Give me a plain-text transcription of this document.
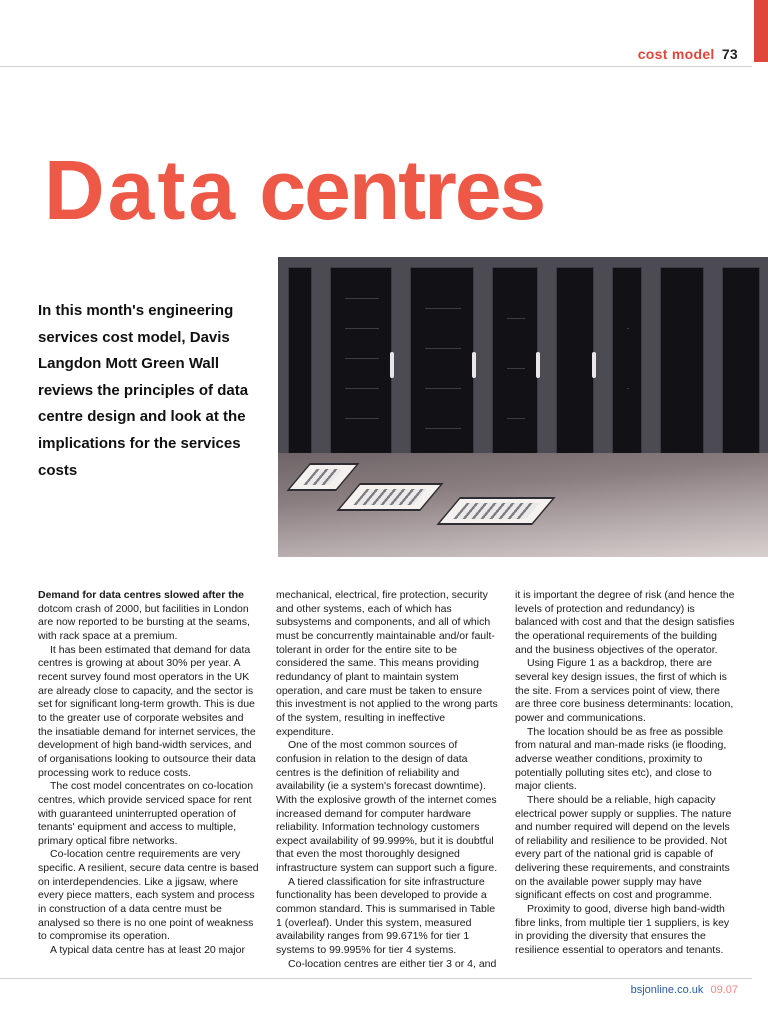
cost model 73
Data centres

In this month's engineering services cost model, Davis Langdon Mott Green Wall reviews the principles of data centre design and look at the implications for the services costs

Demand for data centres slowed after the dotcom crash of 2000, but facilities in London are now reported to be bursting at the seams, with rack space at a premium.

It has been estimated that demand for data centres is growing at about 30% per year. A recent survey found most operators in the UK are already close to capacity, and the sector is set for significant long-term growth. This is due to the greater use of corporate websites and the insatiable demand for internet services, the development of high band-width services, and of organisations looking to outsource their data processing work to reduce costs.

The cost model concentrates on co-location centres, which provide serviced space for rent with guaranteed uninterrupted operation of tenants' equipment and access to multiple, primary optical fibre networks.

Co-location centre requirements are very specific. A resilient, secure data centre is based on interdependencies. Like a jigsaw, where every piece matters, each system and process in construction of a data centre must be analysed so there is no one point of weakness to compromise its operation.

A typical data centre has at least 20 major

mechanical, electrical, fire protection, security and other systems, each of which has subsystems and components, and all of which must be concurrently maintainable and/or fault-tolerant in order for the entire site to be considered the same. This means providing redundancy of plant to maintain system operation, and care must be taken to ensure this investment is not applied to the wrong parts of the system, resulting in ineffective expenditure.

One of the most common sources of confusion in relation to the design of data centres is the definition of reliability and availability (ie a system's forecast downtime). With the explosive growth of the internet comes increased demand for computer hardware reliability. Information technology customers expect availability of 99.999%, but it is doubtful that even the most thoroughly designed infrastructure system can support such a figure.

A tiered classification for site infrastructure functionality has been developed to provide a common standard. This is summarised in Table 1 (overleaf). Under this system, measured availability ranges from 99.671% for tier 1 systems to 99.995% for tier 4 systems.

Co-location centres are either tier 3 or 4, and

it is important the degree of risk (and hence the levels of protection and redundancy) is balanced with cost and that the design satisfies the operational requirements of the building and the business objectives of the operator.

Using Figure 1 as a backdrop, there are several key design issues, the first of which is the site. From a services point of view, there are three core business determinants: location, power and communications.

The location should be as free as possible from natural and man-made risks (ie flooding, adverse weather conditions, proximity to potentially polluting sites etc), and close to major clients.

There should be a reliable, high capacity electrical power supply or supplies. The nature and number required will depend on the levels of reliability and resilience to be provided. Not every part of the national grid is capable of delivering these requirements, and constraints on the available power supply may have significant effects on cost and programme.

Proximity to good, diverse high band-width fibre links, from multiple tier 1 suppliers, is key in providing the diversity that ensures the resilience essential to operators and tenants.

bsjonline.co.uk 09.07
